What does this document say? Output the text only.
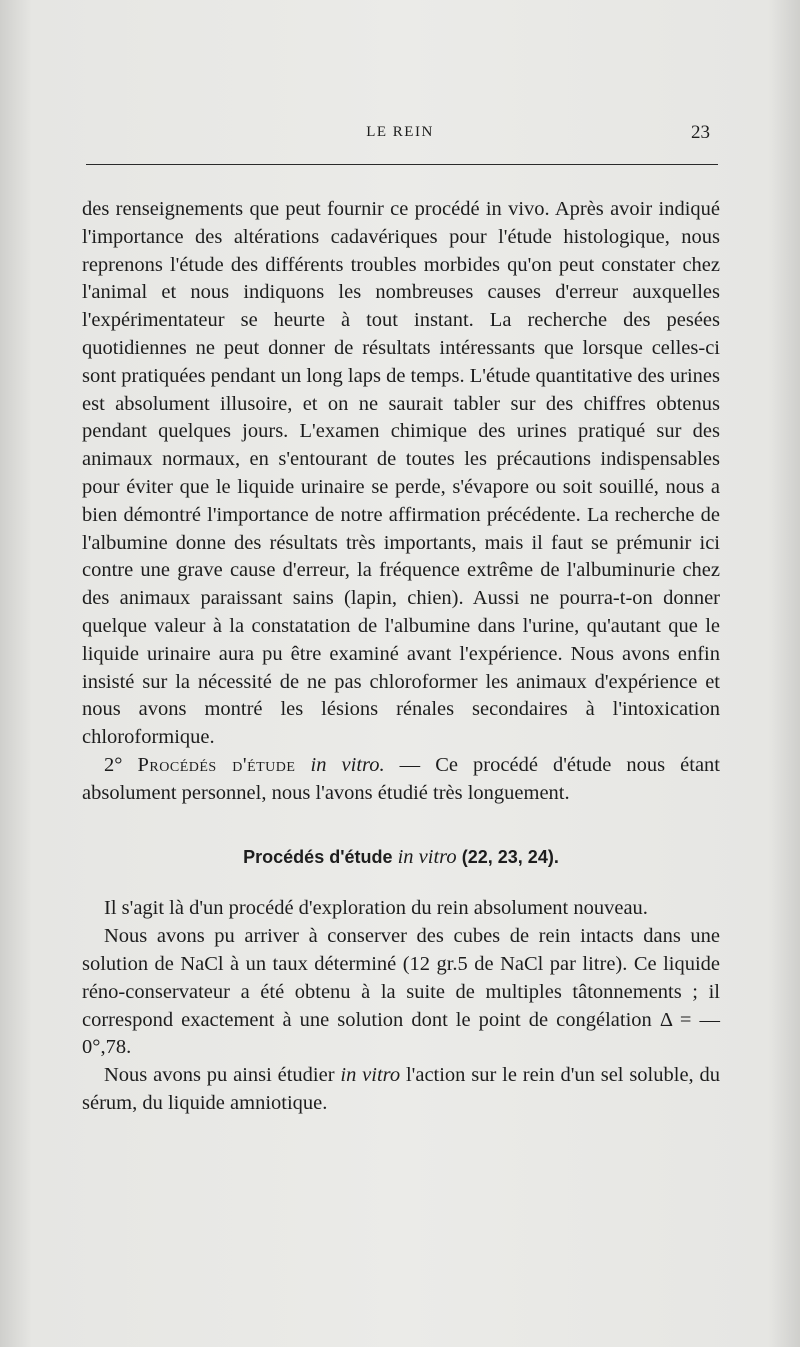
LE REIN	23

des renseignements que peut fournir ce procédé in vivo. Après avoir indiqué l'importance des altérations cadavériques pour l'étude histologique, nous reprenons l'étude des différents troubles morbides qu'on peut constater chez l'animal et nous indiquons les nombreuses causes d'erreur auxquelles l'expérimentateur se heurte à tout instant. La recherche des pesées quotidiennes ne peut donner de résultats intéressants que lorsque celles-ci sont pratiquées pendant un long laps de temps. L'étude quantitative des urines est absolument illusoire, et on ne saurait tabler sur des chiffres obtenus pendant quelques jours. L'examen chimique des urines pratiqué sur des animaux normaux, en s'entourant de toutes les précautions indispensables pour éviter que le liquide urinaire se perde, s'évapore ou soit souillé, nous a bien démontré l'importance de notre affirmation précédente. La recherche de l'albumine donne des résultats très importants, mais il faut se prémunir ici contre une grave cause d'erreur, la fréquence extrême de l'albuminurie chez des animaux paraissant sains (lapin, chien). Aussi ne pourra-t-on donner quelque valeur à la constatation de l'albumine dans l'urine, qu'autant que le liquide urinaire aura pu être examiné avant l'expérience. Nous avons enfin insisté sur la nécessité de ne pas chloroformer les animaux d'expérience et nous avons montré les lésions rénales secondaires à l'intoxication chloroformique.

2° Procédés d'étude in vitro. — Ce procédé d'étude nous étant absolument personnel, nous l'avons étudié très longuement.

Procédés d'étude in vitro (22, 23, 24).

Il s'agit là d'un procédé d'exploration du rein absolument nouveau.

Nous avons pu arriver à conserver des cubes de rein intacts dans une solution de NaCl à un taux déterminé (12 gr.5 de NaCl par litre). Ce liquide réno-conservateur a été obtenu à la suite de multiples tâtonnements ; il correspond exactement à une solution dont le point de congélation Δ = — 0°,78.

Nous avons pu ainsi étudier in vitro l'action sur le rein d'un sel soluble, du sérum, du liquide amniotique.
